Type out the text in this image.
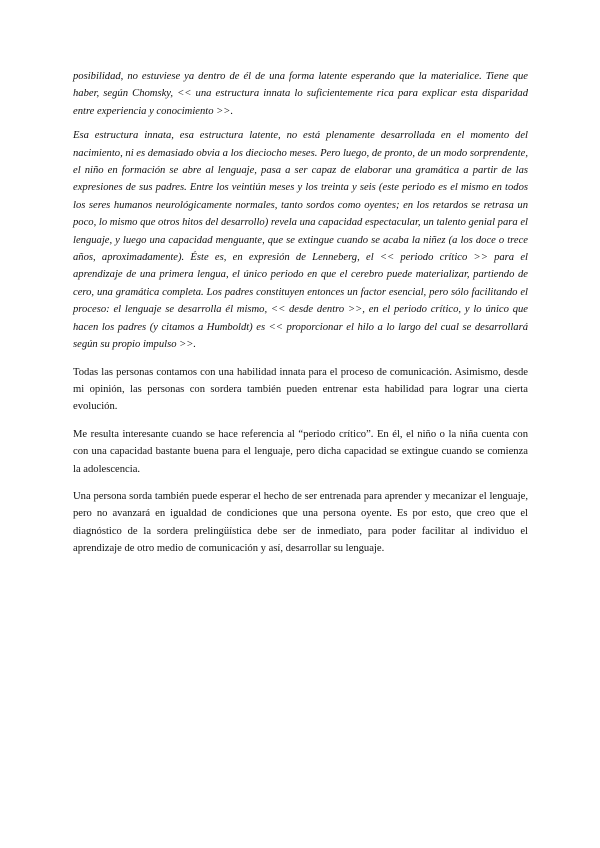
posibilidad, no estuviese ya dentro de él de una forma latente esperando que la materialice. Tiene que haber, según Chomsky, << una estructura innata lo suficientemente rica para explicar esta disparidad entre experiencia y conocimiento >>.

Esa estructura innata, esa estructura latente, no está plenamente desarrollada en el momento del nacimiento, ni es demasiado obvia a los dieciocho meses. Pero luego, de pronto, de un modo sorprendente, el niño en formación se abre al lenguaje, pasa a ser capaz de elaborar una gramática a partir de las expresiones de sus padres. Entre los veintiún meses y los treinta y seis (este periodo es el mismo en todos los seres humanos neurológicamente normales, tanto sordos como oyentes; en los retardos se retrasa un poco, lo mismo que otros hitos del desarrollo) revela una capacidad espectacular, un talento genial para el lenguaje, y luego una capacidad menguante, que se extingue cuando se acaba la niñez (a los doce o trece años, aproximadamente). Éste es, en expresión de Lenneberg, el << periodo crítico >> para el aprendizaje de una primera lengua, el único periodo en que el cerebro puede materializar, partiendo de cero, una gramática completa. Los padres constituyen entonces un factor esencial, pero sólo facilitando el proceso: el lenguaje se desarrolla él mismo, << desde dentro >>, en el periodo crítico, y lo único que hacen los padres (y citamos a Humboldt) es << proporcionar el hilo a lo largo del cual se desarrollará según su propio impulso >>.

Todas las personas contamos con una habilidad innata para el proceso de comunicación. Asimismo, desde mi opinión, las personas con sordera también pueden entrenar esta habilidad para lograr una cierta evolución.

Me resulta interesante cuando se hace referencia al “periodo crítico”. En él, el niño o la niña cuenta con con una capacidad bastante buena para el lenguaje, pero dicha capacidad se extingue cuando se comienza la adolescencia.

Una persona sorda también puede esperar el hecho de ser entrenada para aprender y mecanizar el lenguaje, pero no avanzará en igualdad de condiciones que una persona oyente. Es por esto, que creo que el diagnóstico de la sordera prelingüística debe ser de inmediato, para poder facilitar al individuo el aprendizaje de otro medio de comunicación y así, desarrollar su lenguaje.
